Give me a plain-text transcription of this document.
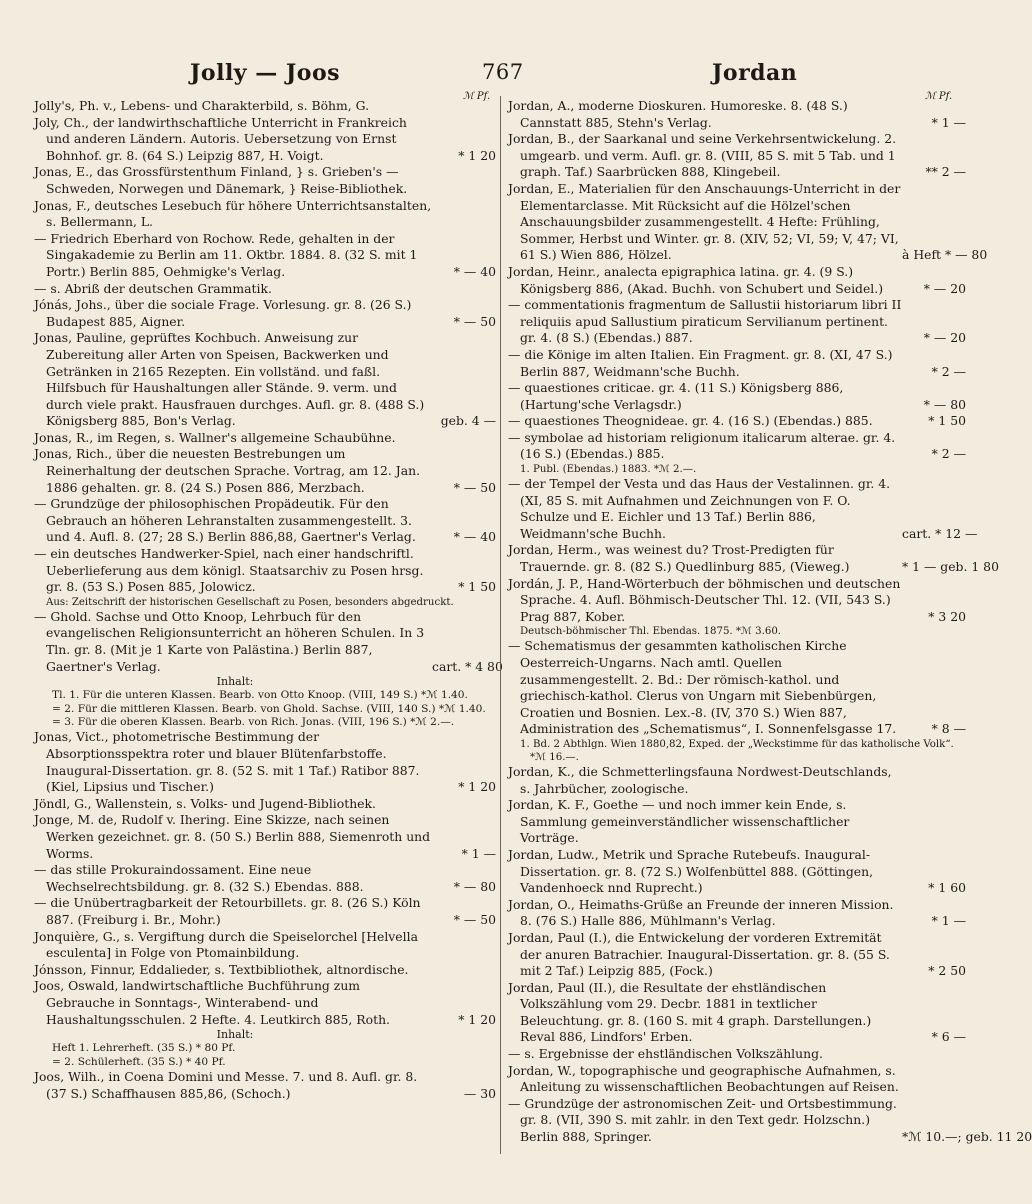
Jolly — Joos	767	Jordan
ℳ Pf.	ℳ Pf.
Jolly's, Ph. v., Lebens- und Charakterbild, s. Böhm, G.
Joly, Ch., der landwirthschaftliche Unterricht in Frankreich und anderen Ländern. Autoris. Uebersetzung von Ernst Bohnhof. gr. 8. (64 S.) Leipzig 887, H. Voigt.	* 1 20
Jonas, E., das Grossfürstenthum Finland, } s. Grieben's — Schweden, Norwegen und Dänemark, } Reise-Bibliothek.
Jonas, F., deutsches Lesebuch für höhere Unterrichtsanstalten, s. Bellermann, L.
— Friedrich Eberhard von Rochow. Rede, gehalten in der Singakademie zu Berlin am 11. Oktbr. 1884. 8. (32 S. mit 1 Portr.) Berlin 885, Oehmigke's Verlag.	* — 40
— s. Abriß der deutschen Grammatik.
Jónás, Johs., über die sociale Frage. Vorlesung. gr. 8. (26 S.) Budapest 885, Aigner.	* — 50
Jonas, Pauline, geprüftes Kochbuch. Anweisung zur Zubereitung aller Arten von Speisen, Backwerken und Getränken in 2165 Rezepten. Ein vollständ. und faßl. Hilfsbuch für Haushaltungen aller Stände. 9. verm. und durch viele prakt. Hausfrauen durchges. Aufl. gr. 8. (488 S.) Königsberg 885, Bon's Verlag.	geb. 4 —
Jonas, R., im Regen, s. Wallner's allgemeine Schaubühne.
Jonas, Rich., über die neuesten Bestrebungen um Reinerhaltung der deutschen Sprache. Vortrag, am 12. Jan. 1886 gehalten. gr. 8. (24 S.) Posen 886, Merzbach.	* — 50
— Grundzüge der philosophischen Propädeutik. Für den Gebrauch an höheren Lehranstalten zusammengestellt. 3. und 4. Aufl. 8. (27; 28 S.) Berlin 886,88, Gaertner's Verlag.	* — 40
— ein deutsches Handwerker-Spiel, nach einer handschriftl. Ueberlieferung aus dem königl. Staatsarchiv zu Posen hrsg. gr. 8. (53 S.) Posen 885, Jolowicz.	* 1 50
Aus: Zeitschrift der historischen Gesellschaft zu Posen, besonders abgedruckt.
— Ghold. Sachse und Otto Knoop, Lehrbuch für den evangelischen Religionsunterricht an höheren Schulen. In 3 Tln. gr. 8. (Mit je 1 Karte von Palästina.) Berlin 887, Gaertner's Verlag.	cart. * 4 80
Inhalt:
Tl. 1. Für die unteren Klassen. Bearb. von Otto Knoop. (VIII, 149 S.) *ℳ 1.40.
= 2. Für die mittleren Klassen. Bearb. von Ghold. Sachse. (VIII, 140 S.) *ℳ 1.40.
= 3. Für die oberen Klassen. Bearb. von Rich. Jonas. (VIII, 196 S.) *ℳ 2.—.
Jonas, Vict., photometrische Bestimmung der Absorptionsspektra roter und blauer Blütenfarbstoffe. Inaugural-Dissertation. gr. 8. (52 S. mit 1 Taf.) Ratibor 887. (Kiel, Lipsius und Tischer.)	* 1 20
Jöndl, G., Wallenstein, s. Volks- und Jugend-Bibliothek.
Jonge, M. de, Rudolf v. Ihering. Eine Skizze, nach seinen Werken gezeichnet. gr. 8. (50 S.) Berlin 888, Siemenroth und Worms.	* 1 —
— das stille Prokuraindossament. Eine neue Wechselrechtsbildung. gr. 8. (32 S.) Ebendas. 888.	* — 80
— die Unübertragbarkeit der Retourbillets. gr. 8. (26 S.) Köln 887. (Freiburg i. Br., Mohr.)	* — 50
Jonquière, G., s. Vergiftung durch die Speiselorchel [Helvella esculenta] in Folge von Ptomainbildung.
Jónsson, Finnur, Eddalieder, s. Textbibliothek, altnordische.
Joos, Oswald, landwirtschaftliche Buchführung zum Gebrauche in Sonntags-, Winterabend- und Haushaltungsschulen. 2 Hefte. 4. Leutkirch 885, Roth.	* 1 20
Inhalt:
Heft 1. Lehrerheft. (35 S.) * 80 Pf.
= 2. Schülerheft. (35 S.) * 40 Pf.
Joos, Wilh., in Coena Domini und Messe. 7. und 8. Aufl. gr. 8. (37 S.) Schaffhausen 885,86, (Schoch.)	— 30
Jordan, A., moderne Dioskuren. Humoreske. 8. (48 S.) Cannstatt 885, Stehn's Verlag.	* 1 —
Jordan, B., der Saarkanal und seine Verkehrsentwickelung. 2. umgearb. und verm. Aufl. gr. 8. (VIII, 85 S. mit 5 Tab. und 1 graph. Taf.) Saarbrücken 888, Klingebeil.	** 2 —
Jordan, E., Materialien für den Anschauungs-Unterricht in der Elementarclasse. Mit Rücksicht auf die Hölzel'schen Anschauungsbilder zusammengestellt. 4 Hefte: Frühling, Sommer, Herbst und Winter. gr. 8. (XIV, 52; VI, 59; V, 47; VI, 61 S.) Wien 886, Hölzel.	à Heft * — 80
Jordan, Heinr., analecta epigraphica latina. gr. 4. (9 S.) Königsberg 886, (Akad. Buchh. von Schubert und Seidel.)	* — 20
— commentationis fragmentum de Sallustii historiarum libri II reliquiis apud Sallustium piraticum Servilianum pertinent. gr. 4. (8 S.) (Ebendas.) 887.	* — 20
— die Könige im alten Italien. Ein Fragment. gr. 8. (XI, 47 S.) Berlin 887, Weidmann'sche Buchh.	* 2 —
— quaestiones criticae. gr. 4. (11 S.) Königsberg 886, (Hartung'sche Verlagsdr.)	* — 80
— quaestiones Theognideae. gr. 4. (16 S.) (Ebendas.) 885.	* 1 50
— symbolae ad historiam religionum italicarum alterae. gr. 4. (16 S.) (Ebendas.) 885.	* 2 —
1. Publ. (Ebendas.) 1883. *ℳ 2.—.
— der Tempel der Vesta und das Haus der Vestalinnen. gr. 4. (XI, 85 S. mit Aufnahmen und Zeichnungen von F. O. Schulze und E. Eichler und 13 Taf.) Berlin 886, Weidmann'sche Buchh.	cart. * 12 —
Jordan, Herm., was weinest du? Trost-Predigten für Trauernde. gr. 8. (82 S.) Quedlinburg 885, (Vieweg.)	* 1 — geb. 1 80
Jordán, J. P., Hand-Wörterbuch der böhmischen und deutschen Sprache. 4. Aufl. Böhmisch-Deutscher Thl. 12. (VII, 543 S.) Prag 887, Kober.	* 3 20
Deutsch-böhmischer Thl. Ebendas. 1875. *ℳ 3.60.
— Schematismus der gesammten katholischen Kirche Oesterreich-Ungarns. Nach amtl. Quellen zusammengestellt. 2. Bd.: Der römisch-kathol. und griechisch-kathol. Clerus von Ungarn mit Siebenbürgen, Croatien und Bosnien. Lex.-8. (IV, 370 S.) Wien 887, Administration des „Schematismus“, I. Sonnenfelsgasse 17.	* 8 —
1. Bd. 2 Abthlgn. Wien 1880,82, Exped. der „Weckstimme für das katholische Volk“. *ℳ 16.—.
Jordan, K., die Schmetterlingsfauna Nordwest-Deutschlands, s. Jahrbücher, zoologische.
Jordan, K. F., Goethe — und noch immer kein Ende, s. Sammlung gemeinverständlicher wissenschaftlicher Vorträge.
Jordan, Ludw., Metrik und Sprache Rutebeufs. Inaugural-Dissertation. gr. 8. (72 S.) Wolfenbüttel 888. (Göttingen, Vandenhoeck nnd Ruprecht.)	* 1 60
Jordan, O., Heimaths-Grüße an Freunde der inneren Mission. 8. (76 S.) Halle 886, Mühlmann's Verlag.	* 1 —
Jordan, Paul (I.), die Entwickelung der vorderen Extremität der anuren Batrachier. Inaugural-Dissertation. gr. 8. (55 S. mit 2 Taf.) Leipzig 885, (Fock.)	* 2 50
Jordan, Paul (II.), die Resultate der ehstländischen Volkszählung vom 29. Decbr. 1881 in textlicher Beleuchtung. gr. 8. (160 S. mit 4 graph. Darstellungen.) Reval 886, Lindfors' Erben.	* 6 —
— s. Ergebnisse der ehstländischen Volkszählung.
Jordan, W., topographische und geographische Aufnahmen, s. Anleitung zu wissenschaftlichen Beobachtungen auf Reisen.
— Grundzüge der astronomischen Zeit- und Ortsbestimmung. gr. 8. (VII, 390 S. mit zahlr. in den Text gedr. Holzschn.) Berlin 888, Springer.	*ℳ 10.—; geb. 11 20
